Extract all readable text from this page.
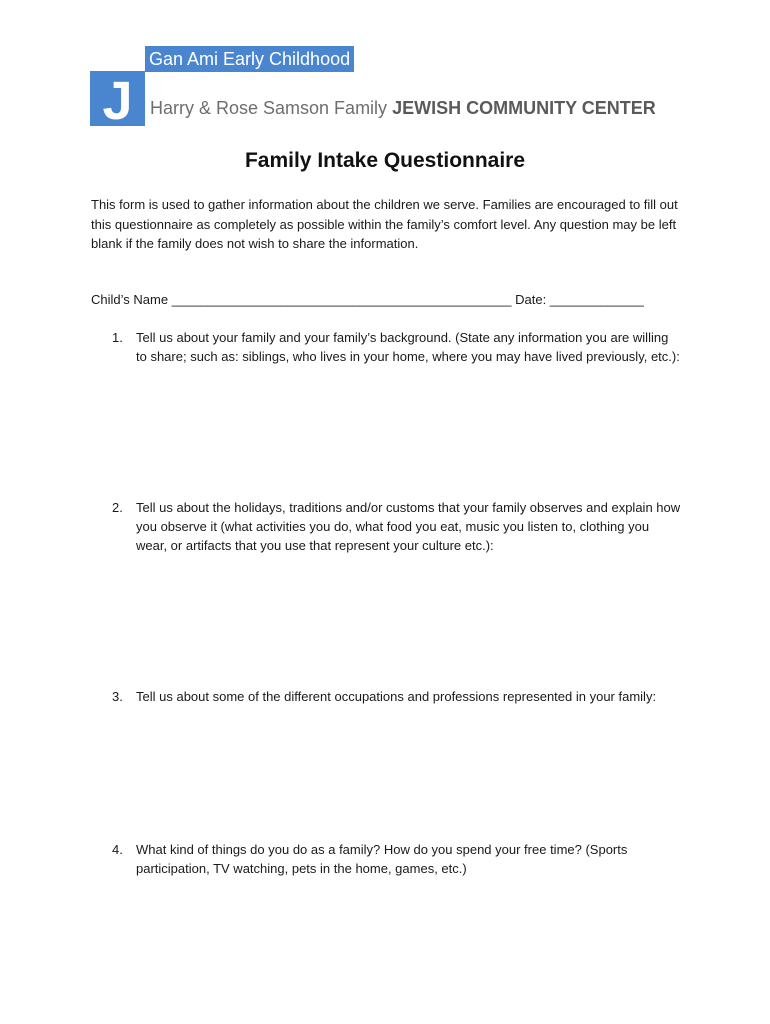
J
Gan Ami Early Childhood
Harry & Rose Samson Family JEWISH COMMUNITY CENTER
Family Intake Questionnaire

This form is used to gather information about the children we serve. Families are encouraged to fill out this questionnaire as completely as possible within the family’s comfort level. Any question may be left blank if the family does not wish to share the information.

Child’s Name _______________________________________________ Date: _____________
1. Tell us about your family and your family’s background. (State any information you are willing to share; such as: siblings, who lives in your home, where you may have lived previously, etc.):
2. Tell us about the holidays, traditions and/or customs that your family observes and explain how you observe it (what activities you do, what food you eat, music you listen to, clothing you wear, or artifacts that you use that represent your culture etc.):
3. Tell us about some of the different occupations and professions represented in your family:
4. What kind of things do you do as a family? How do you spend your free time? (Sports participation, TV watching, pets in the home, games, etc.)
